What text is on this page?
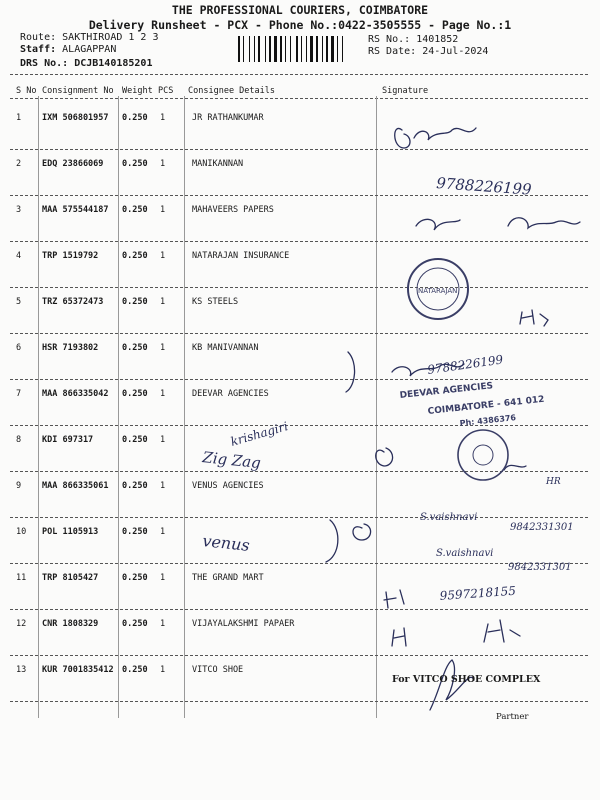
THE PROFESSIONAL COURIERS, COIMBATORE
Delivery Runsheet - PCX - Phone No.:0422-3505555 - Page No.:1
Route: SAKTHIROAD 1 2 3
Staff: ALAGAPPAN
DRS No.: DCJB140185201
RS No.: 1401852
RS Date: 24-Jul-2024
S No Consignment No Weight PCS Consignee Details	Signature
1 IXM 506801957 0.250 1	JR RATHANKUMAR
2 EDQ 23866069 0.250 1	MANIKANNAN
3 MAA 575544187 0.250 1	MAHAVEERS PAPERS
4 TRP 1519792	0.250 1	NATARAJAN INSURANCE
5 TRZ 65372473 0.250 1	KS STEELS
6 HSR 7193802	0.250 1	KB MANIVANNAN
7 MAA 866335042 0.250 1	DEEVAR AGENCIES
8 KDI 697317	0.250 1
9 MAA 866335061 0.250 1	VENUS AGENCIES
10 POL 1105913	0.250 1
11 TRP 8105427	0.250 1	THE GRAND MART
12 CNR 1808329	0.250 1	VIJAYALAKSHMI PAPAER
13 KUR 7001835412 0.250 1	VITCO SHOE
Partner
9788226199
9788226199
krishagiri
Zig Zag
venus
S.vaishnavi
9842331301
S.vaishnavi
9842331301
9597218155
HR
NATARAJAN
DEEVAR AGENCIES
COIMBATORE - 641 012
Ph: 4386376
For VITCO SHOE COMPLEX
